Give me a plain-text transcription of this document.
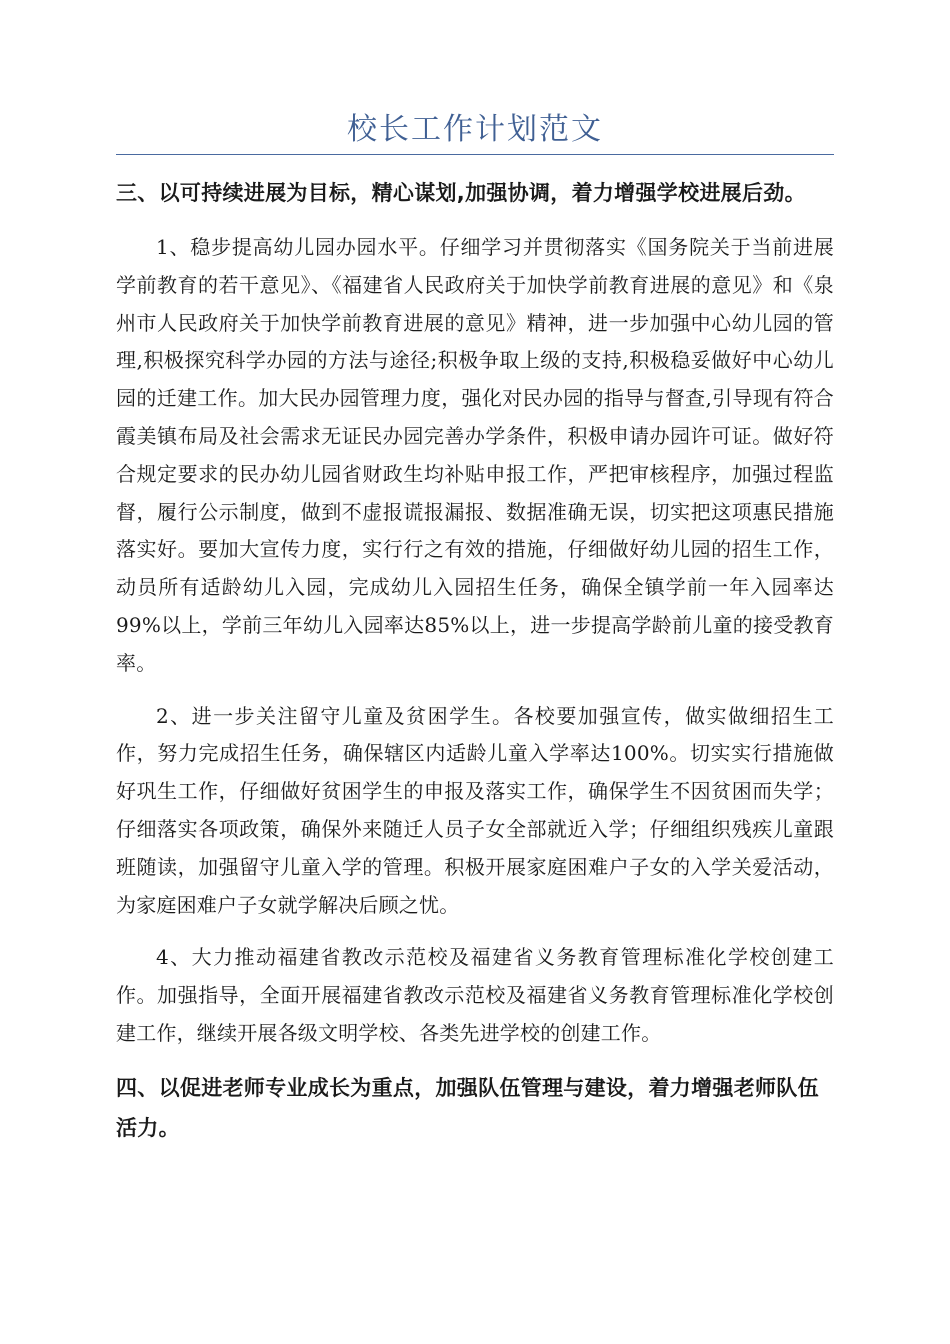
校长工作计划范文

三、以可持续进展为目标，精心谋划,加强协调，着力增强学校进展后劲。

1、稳步提高幼儿园办园水平。仔细学习并贯彻落实《国务院关于当前进展学前教育的若干意见》、《福建省人民政府关于加快学前教育进展的意见》和《泉州市人民政府关于加快学前教育进展的意见》精神，进一步加强中心幼儿园的管理,积极探究科学办园的方法与途径;积极争取上级的支持,积极稳妥做好中心幼儿园的迁建工作。加大民办园管理力度，强化对民办园的指导与督查,引导现有符合霞美镇布局及社会需求无证民办园完善办学条件，积极申请办园许可证。做好符合规定要求的民办幼儿园省财政生均补贴申报工作，严把审核程序，加强过程监督，履行公示制度，做到不虚报谎报漏报、数据准确无误，切实把这项惠民措施落实好。要加大宣传力度，实行行之有效的措施，仔细做好幼儿园的招生工作，动员所有适龄幼儿入园，完成幼儿入园招生任务，确保全镇学前一年入园率达99%以上，学前三年幼儿入园率达85%以上，进一步提高学龄前儿童的接受教育率。

2、进一步关注留守儿童及贫困学生。各校要加强宣传，做实做细招生工作，努力完成招生任务，确保辖区内适龄儿童入学率达100%。切实实行措施做好巩生工作，仔细做好贫困学生的申报及落实工作，确保学生不因贫困而失学；仔细落实各项政策，确保外来随迁人员子女全部就近入学；仔细组织残疾儿童跟班随读，加强留守儿童入学的管理。积极开展家庭困难户子女的入学关爱活动，为家庭困难户子女就学解决后顾之忧。

4、大力推动福建省教改示范校及福建省义务教育管理标准化学校创建工作。加强指导，全面开展福建省教改示范校及福建省义务教育管理标准化学校创建工作，继续开展各级文明学校、各类先进学校的创建工作。

四、以促进老师专业成长为重点，加强队伍管理与建设，着力增强老师队伍活力。
